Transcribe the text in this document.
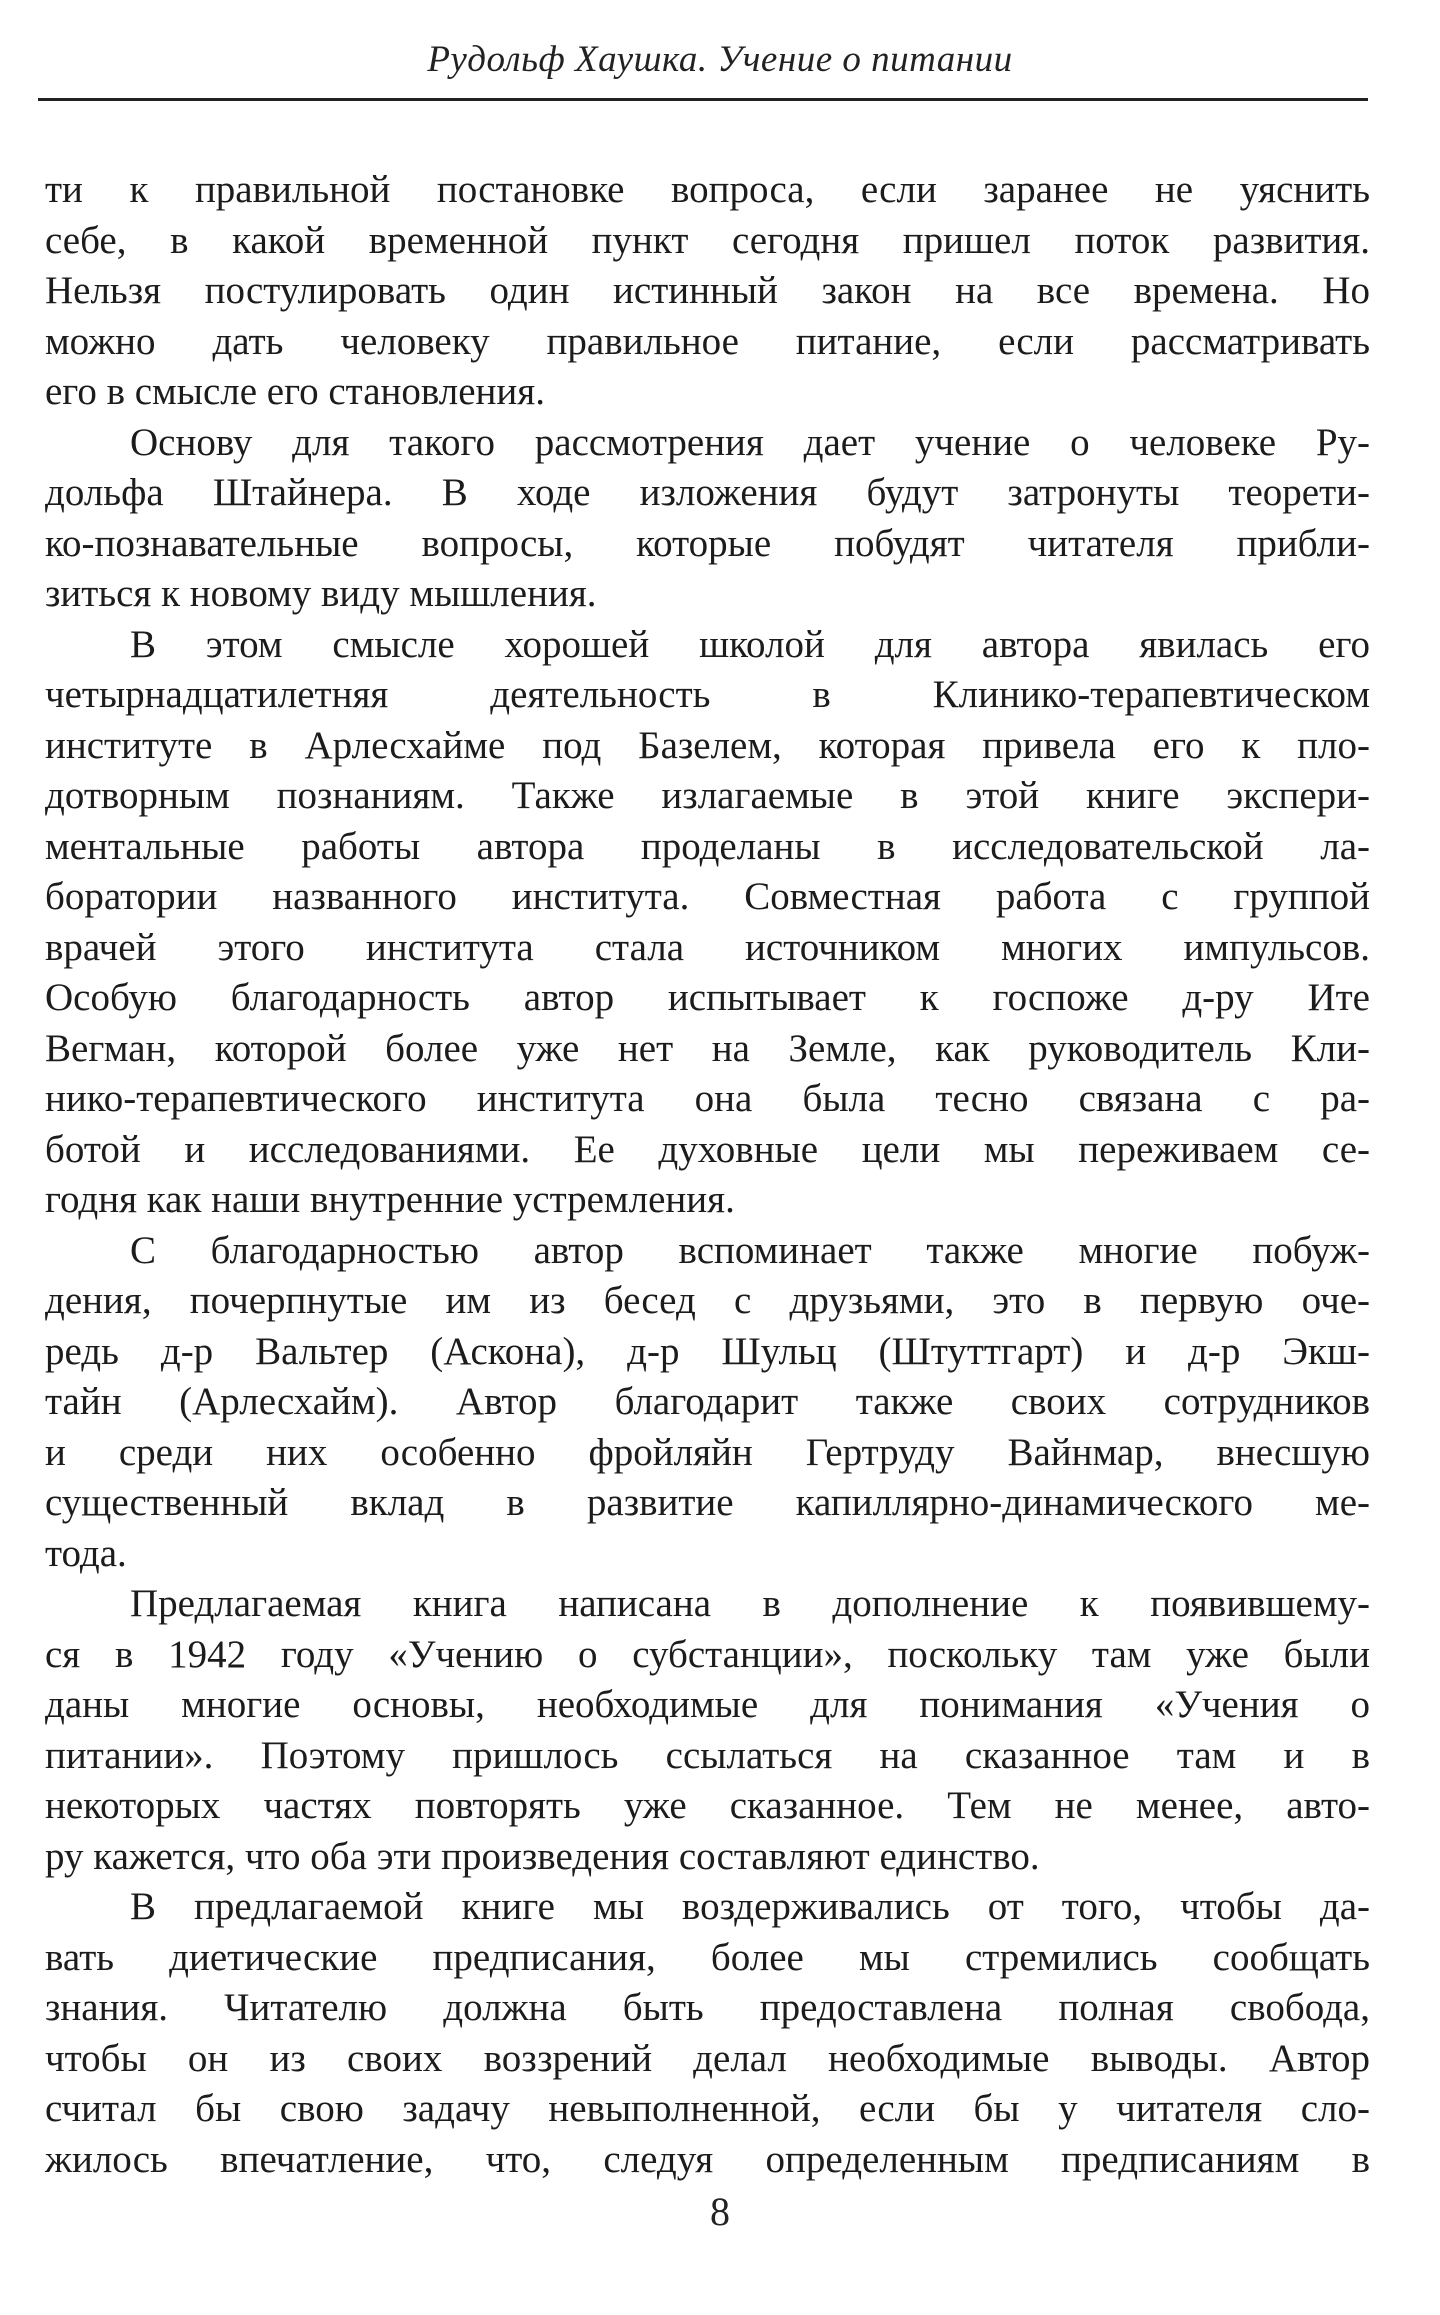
Рудольф Хаушка. Учение о питании
ти к правильной постановке вопроса, если заранее не уяснить
себе, в какой временной пункт сегодня пришел поток развития.
Нельзя постулировать один истинный закон на все времена. Но
можно дать человеку правильное питание, если рассматривать
его в смысле его становления.
Основу для такого рассмотрения дает учение о человеке Ру-
дольфа Штайнера. В ходе изложения будут затронуты теорети-
ко-познавательные вопросы, которые побудят читателя прибли-
зиться к новому виду мышления.
В этом смысле хорошей школой для автора явилась его
четырнадцатилетняя деятельность в Клинико-терапевтическом
институте в Арлесхайме под Базелем, которая привела его к пло-
дотворным познаниям. Также излагаемые в этой книге экспери-
ментальные работы автора проделаны в исследовательской ла-
боратории названного института. Совместная работа с группой
врачей этого института стала источником многих импульсов.
Особую благодарность автор испытывает к госпоже д-ру Ите
Вегман, которой более уже нет на Земле, как руководитель Кли-
нико-терапевтического института она была тесно связана с ра-
ботой и исследованиями. Ее духовные цели мы переживаем се-
годня как наши внутренние устремления.
С благодарностью автор вспоминает также многие побуж-
дения, почерпнутые им из бесед с друзьями, это в первую оче-
редь д-р Вальтер (Аскона), д-р Шульц (Штуттгарт) и д-р Экш-
тайн (Арлесхайм). Автор благодарит также своих сотрудников
и среди них особенно фройляйн Гертруду Вайнмар, внесшую
существенный вклад в развитие капиллярно-динамического ме-
тода.
Предлагаемая книга написана в дополнение к появившему-
ся в 1942 году «Учению о субстанции», поскольку там уже были
даны многие основы, необходимые для понимания «Учения о
питании». Поэтому пришлось ссылаться на сказанное там и в
некоторых частях повторять уже сказанное. Тем не менее, авто-
ру кажется, что оба эти произведения составляют единство.
В предлагаемой книге мы воздерживались от того, чтобы да-
вать диетические предписания, более мы стремились сообщать
знания. Читателю должна быть предоставлена полная свобода,
чтобы он из своих воззрений делал необходимые выводы. Автор
считал бы свою задачу невыполненной, если бы у читателя сло-
жилось впечатление, что, следуя определенным предписаниям в
8
